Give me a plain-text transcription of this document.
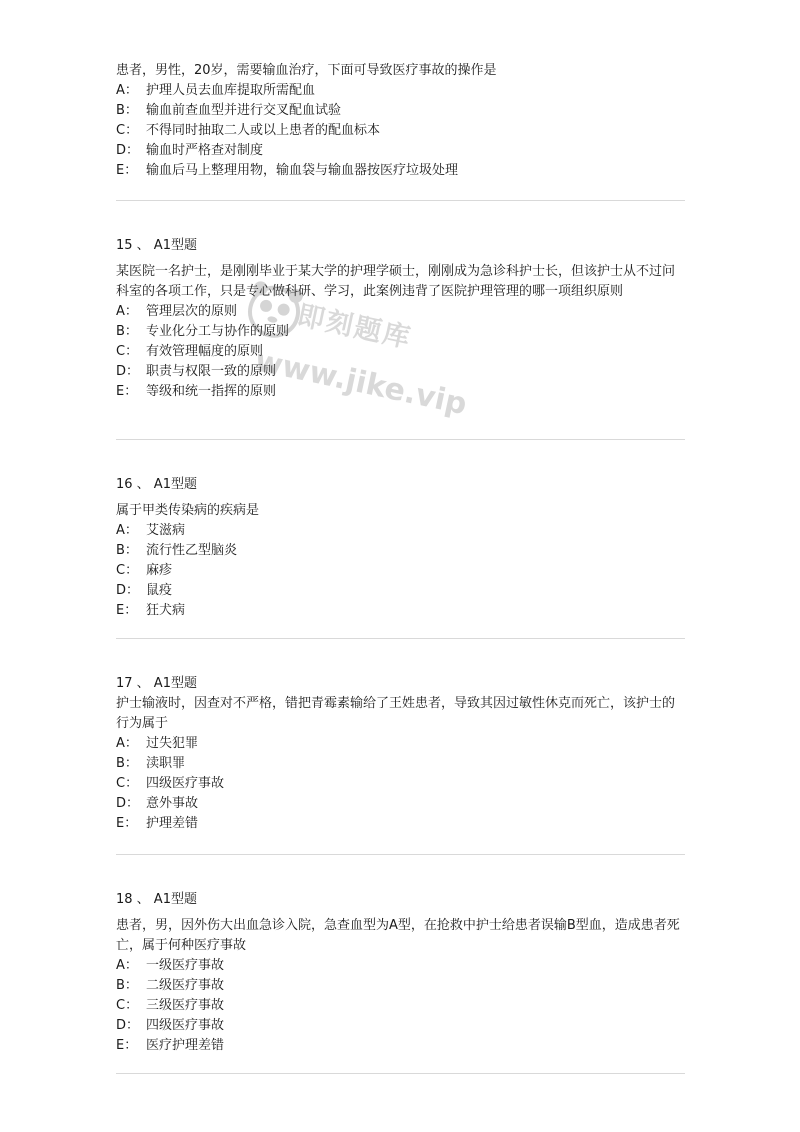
患者，男性，20岁，需要输血治疗，下面可导致医疗事故的操作是
A： 护理人员去血库提取所需配血
B： 输血前查血型并进行交叉配血试验
C： 不得同时抽取二人或以上患者的配血标本
D： 输血时严格查对制度
E： 输血后马上整理用物，输血袋与输血器按医疗垃圾处理
15 、 A1型题
某医院一名护士，是刚刚毕业于某大学的护理学硕士，刚刚成为急诊科护士长，但该护士从不过问科室的各项工作，只是专心做科研、学习，此案例违背了医院护理管理的哪一项组织原则
A： 管理层次的原则
B： 专业化分工与协作的原则
C： 有效管理幅度的原则
D： 职责与权限一致的原则
E： 等级和统一指挥的原则
16 、 A1型题
属于甲类传染病的疾病是
A： 艾滋病
B： 流行性乙型脑炎
C： 麻疹
D： 鼠疫
E： 狂犬病
17 、 A1型题
护士输液时，因查对不严格，错把青霉素输给了王姓患者，导致其因过敏性休克而死亡，该护士的行为属于
A： 过失犯罪
B： 渎职罪
C： 四级医疗事故
D： 意外事故
E： 护理差错
18 、 A1型题
患者，男，因外伤大出血急诊入院，急查血型为A型，在抢救中护士给患者误输B型血，造成患者死亡，属于何种医疗事故
A： 一级医疗事故
B： 二级医疗事故
C： 三级医疗事故
D： 四级医疗事故
E： 医疗护理差错
即刻题库
www.jike.vip
